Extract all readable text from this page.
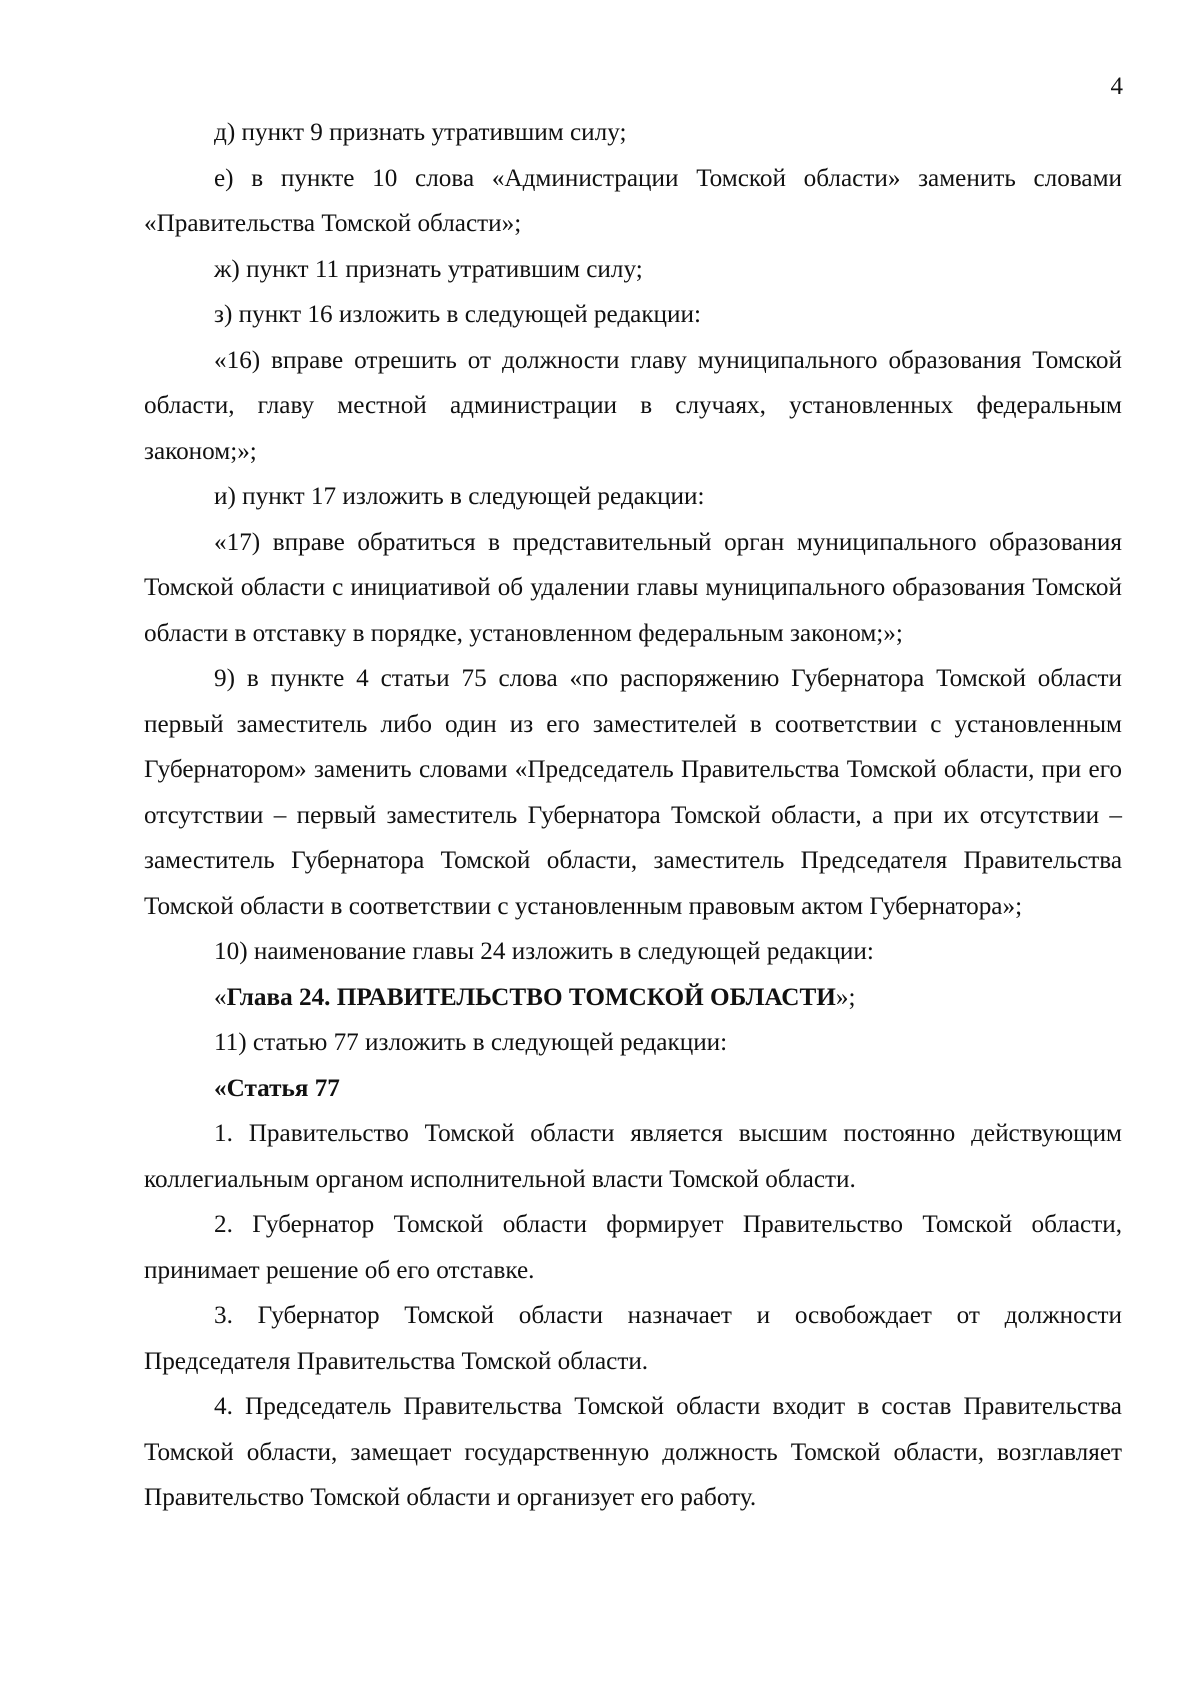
4

д) пункт 9 признать утратившим силу;

е) в пункте 10 слова «Администрации Томской области» заменить словами «Правительства Томской области»;

ж) пункт 11 признать утратившим силу;

з) пункт 16 изложить в следующей редакции:

«16) вправе отрешить от должности главу муниципального образования Томской области, главу местной администрации в случаях, установленных федеральным законом;»;

и) пункт 17 изложить в следующей редакции:

«17) вправе обратиться в представительный орган муниципального образования Томской области с инициативой об удалении главы муниципального образования Томской области в отставку в порядке, установленном федеральным законом;»;

9) в пункте 4 статьи 75 слова «по распоряжению Губернатора Томской области первый заместитель либо один из его заместителей в соответствии с установленным Губернатором» заменить словами «Председатель Правительства Томской области, при его отсутствии – первый заместитель Губернатора Томской области, а при их отсутствии – заместитель Губернатора Томской области, заместитель Председателя Правительства Томской области в соответствии с установленным правовым актом Губернатора»;

10) наименование главы 24 изложить в следующей редакции:

«Глава 24. ПРАВИТЕЛЬСТВО ТОМСКОЙ ОБЛАСТИ»;

11) статью 77 изложить в следующей редакции:

«Статья 77

1. Правительство Томской области является высшим постоянно действующим коллегиальным органом исполнительной власти Томской области.

2. Губернатор Томской области формирует Правительство Томской области, принимает решение об его отставке.

3. Губернатор Томской области назначает и освобождает от должности Председателя Правительства Томской области.

4. Председатель Правительства Томской области входит в состав Правительства Томской области, замещает государственную должность Томской области, возглавляет Правительство Томской области и организует его работу.
